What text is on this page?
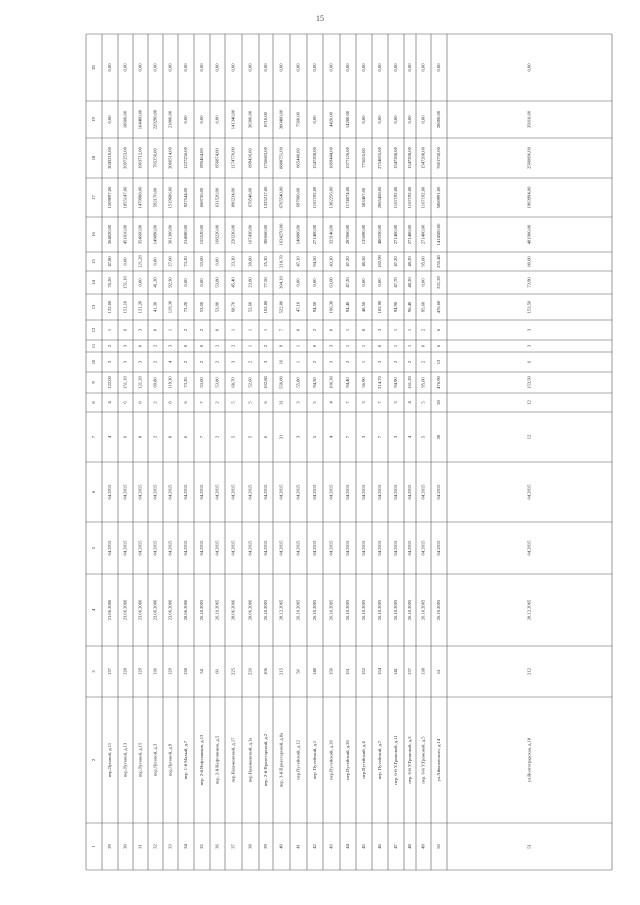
15
1
2
3
4
5
6
7
8
9
10
11
12
13
14
15
16
17
18
19
20
29
пер.Луговой, д.11
137
21.06.2006
04.2015
04.2015
4
4
122,00
3
2
1
122,00
76,20
47,80
364820,00
1509097,00
2043210,00
0,00
0,00
30
пер.Луговой, д.13
128
23.06.2006
04.2015
04.2015
6
6
151,10
3
3
6
151,10
151,10
0,00
451810,00
1855147,00
2697253,00
18600,00
0,00
31
пер.Луговой, д.15
129
23.06.2006
04.2015
04.2015
8
8
121,20
3
0
3
121,20
0,00
121,20
354660,00
1479988,00
1963712,00
104400,00
0,00
32
пер.Луговой, д.3
130
23.06.2006
04.2015
04.2015
2
2
69,80
2
2
0
41,30
41,30
0,00
149890,00
592170,00
705250,00
229290,00
0,00
33
пер.Луговой, д.9
129
23.06.2006
04.2015
04.2015
8
8
119,30
4
3
1
119,30
92,30
27,00
361360,00
1519686,00
2006514,00
21800,00
0,00
34
пер. 1-й Малый, д.7
138
28.06.2006
04.2015
04.2015
6
6
73,20
2
0
2
73,20
0,00
73,20
214080,00
927544,00
1227256,00
0,00
0,00
35
пер. 2-й Нефтяников, д.13
54
26.10.2005
04.2015
04.2015
7
7
53,00
2
0
2
53,00
0,00
53,00
155520,00
668736,00
895464,00
0,00
0,00
36
пер. 2-й Нефтяников, д.5
60
26.10.2005
04.2015
04.2015
2
2
53,80
2
2
0
53,80
53,80
0,00
168220,00
631520,00
856874,00
0,00
0,00
37
пер.Нахимовский, д.17
225
28.06.2006
04.2015
04.2015
5
5
68,70
3
2
1
68,70
45,40
23,30
220230,00
896234,00
1174770,00
141340,00
0,00
38
пер.Нахимовский, д.1а
226
28.06.2006
04.2015
04.2015
5
5
52,60
2
1
1
52,60
23,80
28,80
167430,00
678548,00
899436,00
36300,00
0,00
39
пер. 2-й Пролетарский, д.2
106
26.10.2005
04.2015
04.2015
6
6
102,80
3
2
1
102,80
77,50
25,30
300660,00
1325217,00
1756683,00
8710,00
0,00
40
пер. 3-й Пролетарский, д.8а
215
28.12.2005
04.2015
04.2015
31
31
550,80
16
9
7
522,80
304,10
218,70
1634270,00
6765540,00
8888751,00
300400,00
0,00
41
пер.Путейский, д.12
56
26.10.2005
04.2015
04.2015
3
3
55,80
1
1
0
47,10
0,00
47,10
148800,00
697960,00
865440,00
7560,00
0,00
42
пер. Путейский, д.1
148
26.10.2005
04.2015
04.2015
5
5
94,50
2
0
2
94,50
0,00
94,50
271400,00
1167192,00
1547208,00
0,00
0,00
43
пер.Путейский, д.26
150
26.10.2005
04.2015
04.2015
4
4
106,30
3
3
0
106,30
63,00
43,30
323140,00
1382256,00
1869444,00
4420,00
0,00
44
пер.Путейский, д.2б
151
26.10.2005
04.2015
04.2015
7
7
94,40
2
1
1
94,40
47,20
47,20
287860,00
1174074,00
1577126,00
14280,00
0,00
45
пер.Путейский, д.4
152
26.10.2005
04.2015
04.2015
3
3
56,90
1
1
0
48,50
0,00
48,50
135690,00
583467,00
775655,00
0,00
0,00
46
пер. Путейский, д.7
154
26.10.2005
04.2015
04.2015
7
7
214,70
3
0
3
182,90
0,00
182,90
480330,00
2065458,00
2754855,00
0,00
0,00
47
пер. 6-й У.Громовой, д.11
141
26.10.2005
04.2015
04.2015
3
3
94,90
2
1
1
94,90
47,70
47,20
271400,00
1167192,00
1547208,00
0,00
0,00
48
пер. 6-й У.Громовой, д.3
137
26.10.2005
04.2015
04.2015
4
4
161,20
2
1
1
96,40
48,20
48,20
271400,00
1167192,00
1547208,00
0,00
0,00
49
пер. 6-й У.Громовой, д.5
138
26.10.2005
04.2015
04.2015
5
5
95,60
2
0
2
95,60
0,00
95,60
271400,00
1167192,00
1547208,00
0,00
0,00
50
ул.Айвазовского, д.14
61
26.10.2005
04.2015
04.2015
28
28
476,90
12
6
6
476,60
221,20
255,40
1414500,00
5860991,00
7601750,00
28000,00
0,00
51
ул.Волгоградская, д.18
212
28.12.2005
04.2015
04.2015
12
12
153,50
6
3
3
153,50
73,90
80,00
481900,00
1903994,00
2560896,00
35010,00
0,00
